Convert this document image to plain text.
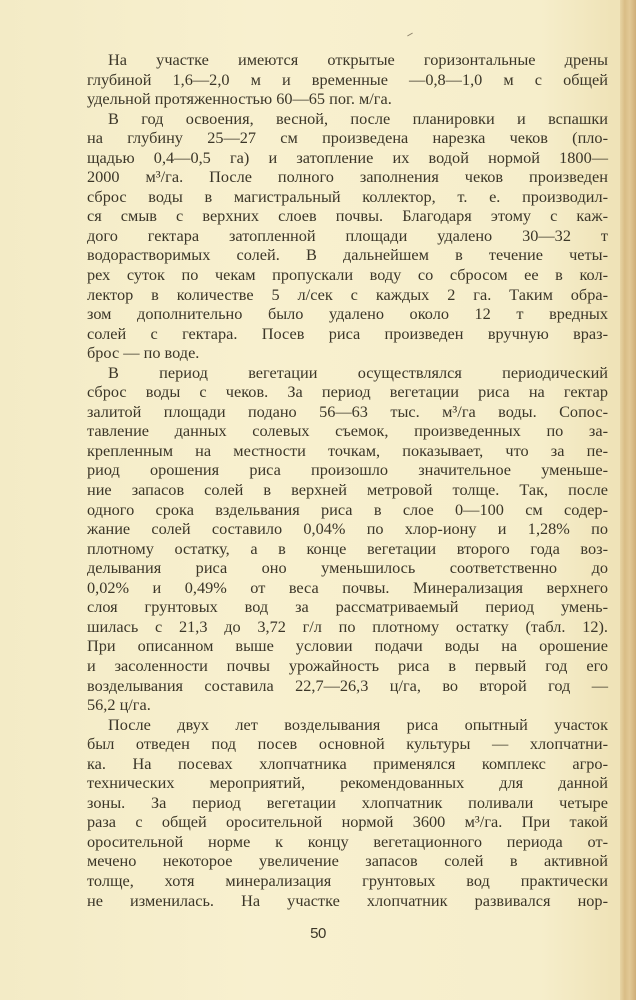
На участке имеются открытые горизонтальные дрены
глубиной 1,6—2,0 м и временные —0,8—1,0 м с общей
удельной протяженностью 60—65 пог. м/га.
В год освоения, весной, после планировки и вспашки
на глубину 25—27 см произведена нарезка чеков (пло-
щадью 0,4—0,5 га) и затопление их водой нормой 1800—
2000 м³/га. После полного заполнения чеков произведен
сброс воды в магистральный коллектор, т. е. производил-
ся смыв с верхних слоев почвы. Благодаря этому с каж-
дого гектара затопленной площади удалено 30—32 т
водорастворимых солей. В дальнейшем в течение четы-
рех суток по чекам пропускали воду со сбросом ее в кол-
лектор в количестве 5 л/сек с каждых 2 га. Таким обра-
зом дополнительно было удалено около 12 т вредных
солей с гектара. Посев риса произведен вручную враз-
брос — по воде.
В период вегетации осуществлялся периодический
сброс воды с чеков. За период вегетации риса на гектар
залитой площади подано 56—63 тыс. м³/га воды. Сопос-
тавление данных солевых съемок, произведенных по за-
крепленным на местности точкам, показывает, что за пе-
риод орошения риса произошло значительное уменьше-
ние запасов солей в верхней метровой толще. Так, после
одного срока вздельвания риса в слое 0—100 см содер-
жание солей составило 0,04% по хлор-иону и 1,28% по
плотному остатку, а в конце вегетации второго года воз-
делывания риса оно уменьшилось соответственно до
0,02% и 0,49% от веса почвы. Минерализация верхнего
слоя грунтовых вод за рассматриваемый период умень-
шилась с 21,3 до 3,72 г/л по плотному остатку (табл. 12).
При описанном выше условии подачи воды на орошение
и засоленности почвы урожайность риса в первый год его
возделывания составила 22,7—26,3 ц/га, во второй год —
56,2 ц/га.
После двух лет возделывания риса опытный участок
был отведен под посев основной культуры — хлопчатни-
ка. На посевах хлопчатника применялся комплекс агро-
технических мероприятий, рекомендованных для данной
зоны. За период вегетации хлопчатник поливали четыре
раза с общей оросительной нормой 3600 м³/га. При такой
оросительной норме к концу вегетационного периода от-
мечено некоторое увеличение запасов солей в активной
толще, хотя минерализация грунтовых вод практически
не изменилась. На участке хлопчатник развивался нор-
50
